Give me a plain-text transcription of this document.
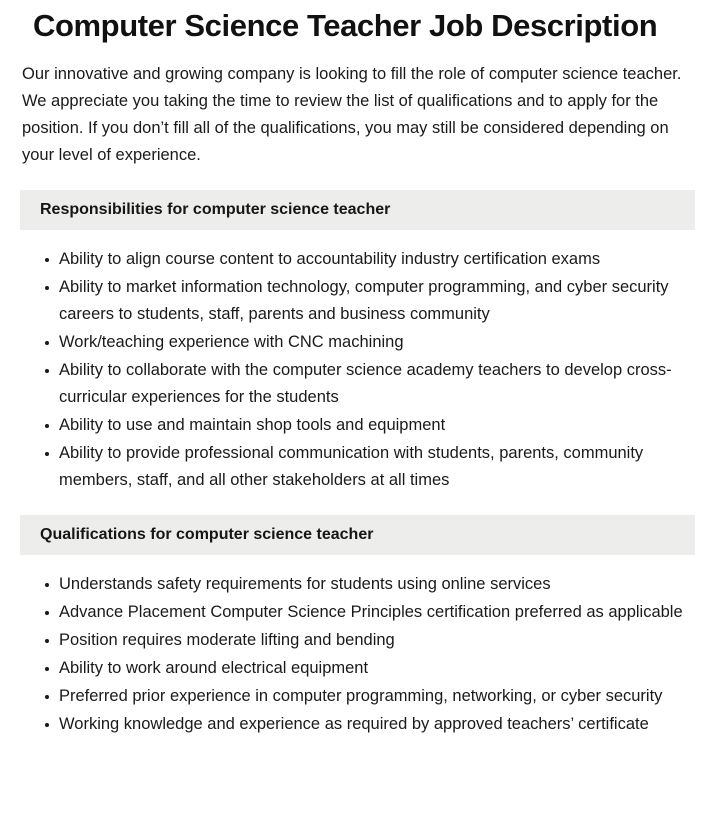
Computer Science Teacher Job Description

Our innovative and growing company is looking to fill the role of computer science teacher. We appreciate you taking the time to review the list of qualifications and to apply for the position. If you don’t fill all of the qualifications, you may still be considered depending on your level of experience.

Responsibilities for computer science teacher
Ability to align course content to accountability industry certification exams
Ability to market information technology, computer programming, and cyber security careers to students, staff, parents and business community
Work/teaching experience with CNC machining
Ability to collaborate with the computer science academy teachers to develop cross-curricular experiences for the students
Ability to use and maintain shop tools and equipment
Ability to provide professional communication with students, parents, community members, staff, and all other stakeholders at all times
Qualifications for computer science teacher
Understands safety requirements for students using online services
Advance Placement Computer Science Principles certification preferred as applicable
Position requires moderate lifting and bending
Ability to work around electrical equipment
Preferred prior experience in computer programming, networking, or cyber security
Working knowledge and experience as required by approved teachers’ certificate
